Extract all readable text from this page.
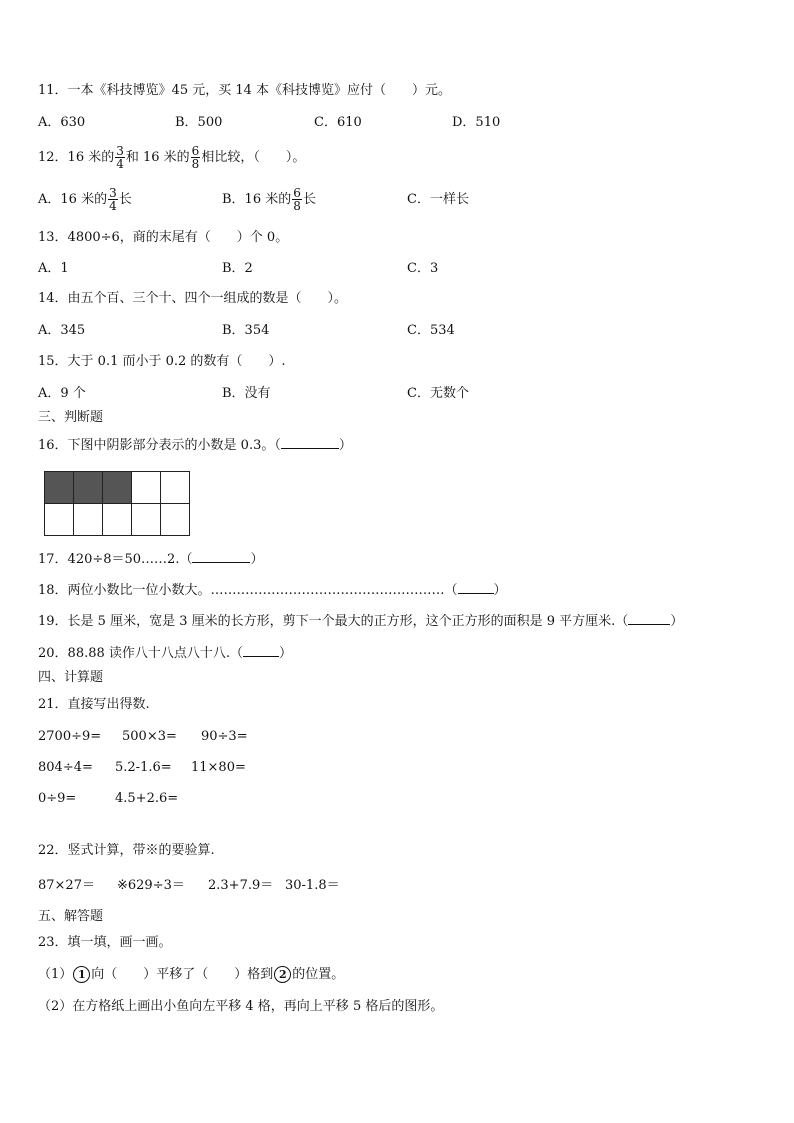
11．一本《科技博览》45 元，买 14 本《科技博览》应付（　　）元。
A．630	B．500	C．610	D．510
12．16 米的 $\frac{3}{4}$ 和 16 米的 $\frac{6}{8}$ 相比较，（　　）。
A．16 米的 $\frac{3}{4}$ 长	B．16 米的 $\frac{6}{8}$ 长	C．一样长
13．4800÷6，商的末尾有（　　）个 0。
A．1	B．2	C．3
14．由五个百、三个十、四个一组成的数是（　　）。
A．345	B．354	C．534
15．大于 0.1 而小于 0.2 的数有（　　）.
A．9 个	B．没有	C．无数个
三、判断题
16．下图中阴影部分表示的小数是 0.3。（	）

17．420÷8＝50……2.（	）
18．两位小数比一位小数大。………………………………………………（	）
19．长是 5 厘米，宽是 3 厘米的长方形，剪下一个最大的正方形，这个正方形的面积是 9 平方厘米.（	）
20．88.88 读作八十八点八十八.（	）
四、计算题
21．直接写出得数.
2700÷9= 500×3= 90÷3=
804÷4= 5.2-1.6= 11×80=
0÷9=	4.5+2.6=
22．竖式计算，带※的要验算.
87×27＝ ※629÷3＝ 2.3+7.9＝ 30-1.8＝
五、解答题
23．填一填，画一画。
（1） 1 向（　　）平移了（　　）格到 2 的位置。
（2）在方格纸上画出小鱼向左平移 4 格，再向上平移 5 格后的图形。
